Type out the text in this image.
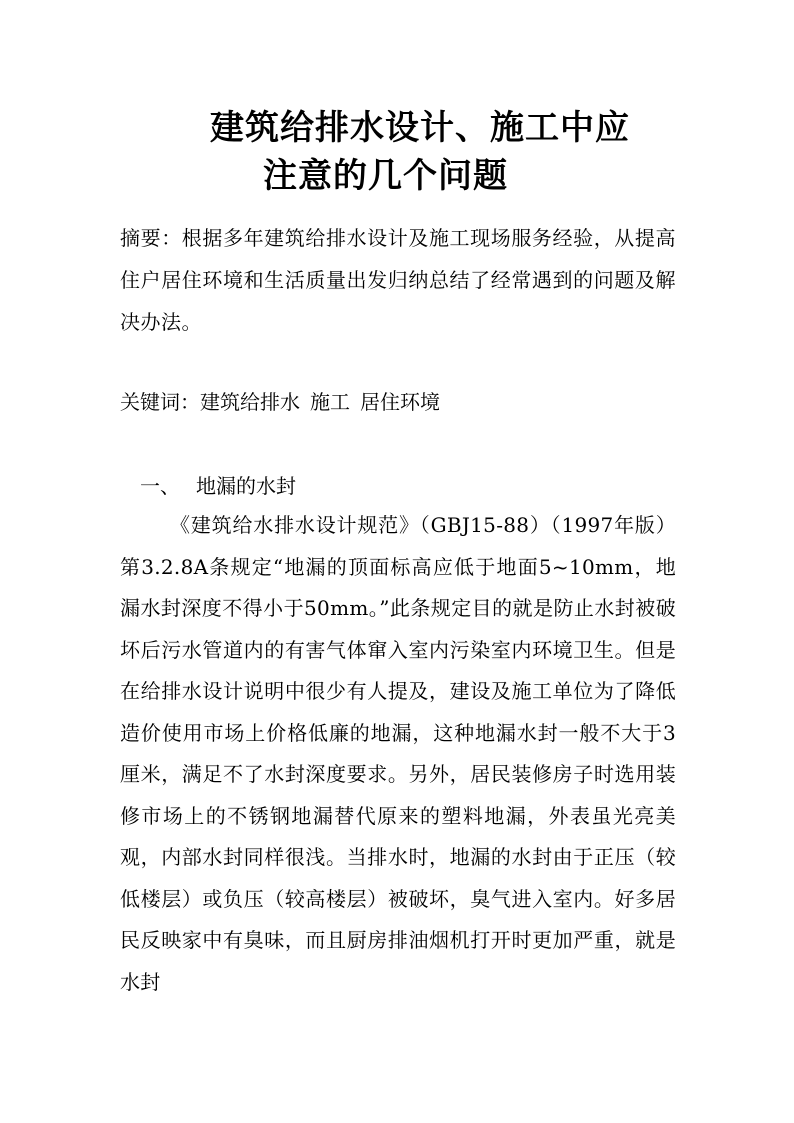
建筑给排水设计、施工中应
注意的几个问题
摘要：根据多年建筑给排水设计及施工现场服务经验，从提高住户居住环境和生活质量出发归纳总结了经常遇到的问题及解决办法。
关键词：建筑给排水 施工 居住环境
一、 地漏的水封
《建筑给水排水设计规范》（GBJ15-88）（1997年版）第3.2.8A条规定“地漏的顶面标高应低于地面5~10mm，地漏水封深度不得小于50mm。”此条规定目的就是防止水封被破坏后污水管道内的有害气体窜入室内污染室内环境卫生。但是在给排水设计说明中很少有人提及，建设及施工单位为了降低造价使用市场上价格低廉的地漏，这种地漏水封一般不大于3厘米，满足不了水封深度要求。另外，居民装修房子时选用装修市场上的不锈钢地漏替代原来的塑料地漏，外表虽光亮美观，内部水封同样很浅。当排水时，地漏的水封由于正压（较低楼层）或负压（较高楼层）被破坏，臭气进入室内。好多居民反映家中有臭味，而且厨房排油烟机打开时更加严重，就是水封
